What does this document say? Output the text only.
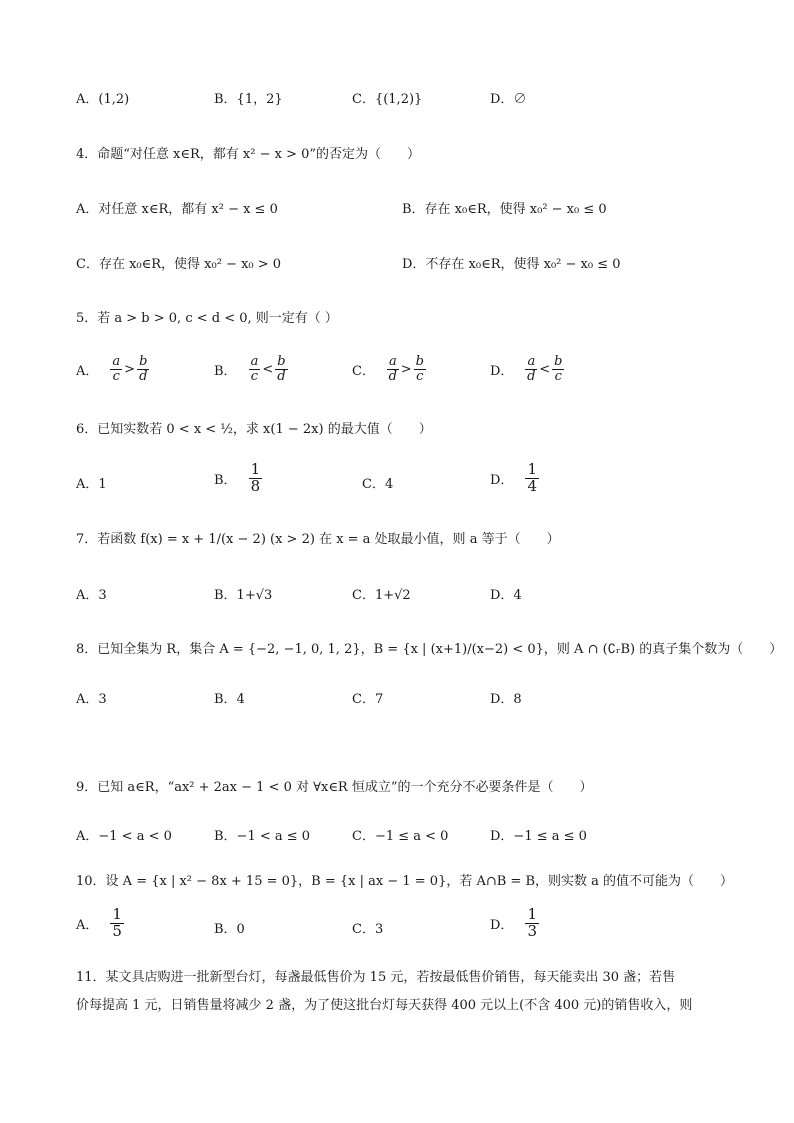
A．(1,2)	B．{1，2}	C．{(1,2)}	D．∅
4．命题“对任意 x∈R，都有 x² − x > 0”的否定为（　　）
A．对任意 x∈R，都有 x² − x ≤ 0	B．存在 x₀∈R，使得 x₀² − x₀ ≤ 0
C．存在 x₀∈R，使得 x₀² − x₀ > 0	D．不存在 x₀∈R，使得 x₀² − x₀ ≤ 0
5．若 a > b > 0, c < d < 0, 则一定有（ ）
A． $\frac{a}{c} > \frac{b}{d}$	B． $\frac{a}{c} < \frac{b}{d}$	C． $\frac{a}{d} > \frac{b}{c}$	D． $\frac{a}{d} < \frac{b}{c}$
6．已知实数若 0 < x < ½，求 x(1 − 2x) 的最大值（　　）
A．1	B． $\frac{1}{8}$	C．4	D． $\frac{1}{4}$
7．若函数 f(x) = x + 1/(x − 2) (x > 2) 在 x = a 处取最小值，则 a 等于（　　）
A．3	B．1+√3	C．1+√2	D．4
8．已知全集为 R，集合 A = {−2, −1, 0, 1, 2}，B = {x | (x+1)/(x−2) < 0}，则 A ∩ (∁ᵣB) 的真子集个数为（　　）
A．3	B．4	C．7	D．8
9．已知 a∈R，“ax² + 2ax − 1 < 0 对 ∀x∈R 恒成立”的一个充分不必要条件是（　　）
A．−1 < a < 0	B．−1 < a ≤ 0	C．−1 ≤ a < 0	D．−1 ≤ a ≤ 0
10．设 A = {x | x² − 8x + 15 = 0}，B = {x | ax − 1 = 0}，若 A∩B = B，则实数 a 的值不可能为（　　）
A． $\frac{1}{5}$	B．0	C．3	D． $\frac{1}{3}$
11．某文具店购进一批新型台灯，每盏最低售价为 15 元，若按最低售价销售，每天能卖出 30 盏；若售
价每提高 1 元，日销售量将减少 2 盏，为了使这批台灯每天获得 400 元以上(不含 400 元)的销售收入，则
